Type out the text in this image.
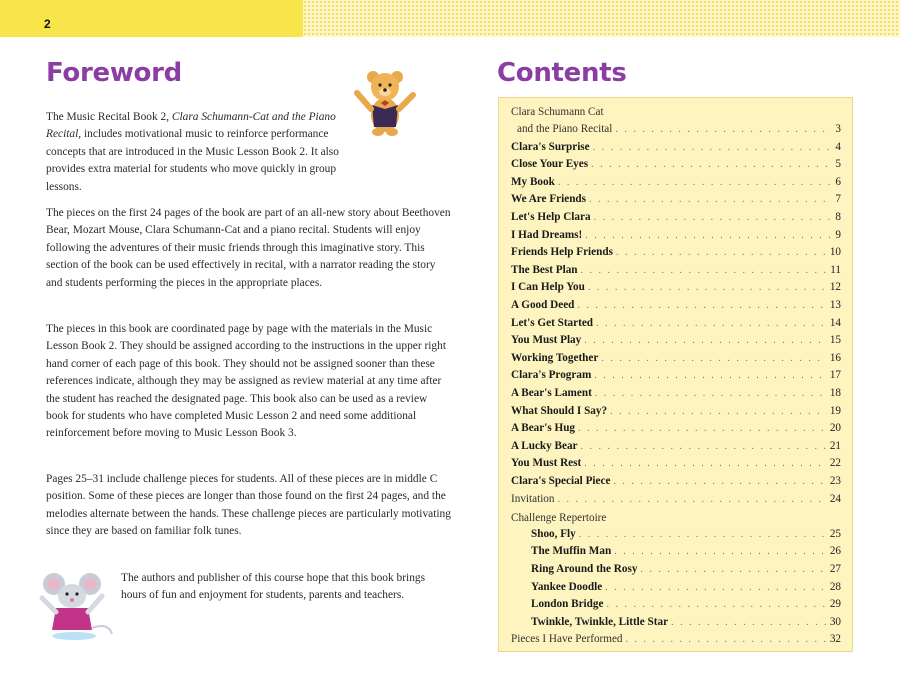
2
Foreword	Contents

The Music Recital Book 2, Clara Schumann-Cat and the Piano Recital, includes motivational music to reinforce performance concepts that are introduced in the Music Lesson Book 2. It also provides extra material for students who move quickly in group lessons.

The pieces on the first 24 pages of the book are part of an all-new story about Beethoven Bear, Mozart Mouse, Clara Schumann-Cat and a piano recital. Students will enjoy following the adventures of their music friends through this imaginative story. This section of the book can be used effectively in recital, with a narrator reading the story and students performing the pieces in the appropriate places.

The pieces in this book are coordinated page by page with the materials in the Music Lesson Book 2. They should be assigned according to the instructions in the upper right hand corner of each page of this book. They should not be assigned sooner than these references indicate, although they may be assigned as review material at any time after the student has reached the designated page. This book also can be used as a review book for students who have completed Music Lesson 2 and need some additional reinforcement before moving to Music Lesson Book 3.

Pages 25–31 include challenge pieces for students. All of these pieces are in middle C position. Some of these pieces are longer than those found on the first 24 pages, and the melodies alternate between the hands. These challenge pieces are particularly motivating since they are based on familiar folk tunes.

The authors and publisher of this course hope that this book brings hours of fun and enjoyment for students, parents and teachers.

Clara Schumann Cat
and the Piano Recital . . .	3
Clara's Surprise . . .	4
Close Your Eyes . . .	5
My Book . . .	6
We Are Friends . . .	7
Let's Help Clara . . .	8
I Had Dreams! . . .	9
Friends Help Friends . . .	10
The Best Plan . . .	11
I Can Help You . . .	12
A Good Deed . . .	13
Let's Get Started . . .	14
You Must Play . . .	15
Working Together . . .	16
Clara's Program . . .	17
A Bear's Lament . . .	18
What Should I Say? . . .	19
A Bear's Hug . . .	20
A Lucky Bear . . .	21
You Must Rest . . .	22
Clara's Special Piece . . .	23
Invitation . . .	24
Challenge Repertoire
Shoo, Fly . . .	25
The Muffin Man . . .	26
Ring Around the Rosy . . .	27
Yankee Doodle . . .	28
London Bridge . . .	29
Twinkle, Twinkle, Little Star . . .	30
Pieces I Have Performed . . .	32
